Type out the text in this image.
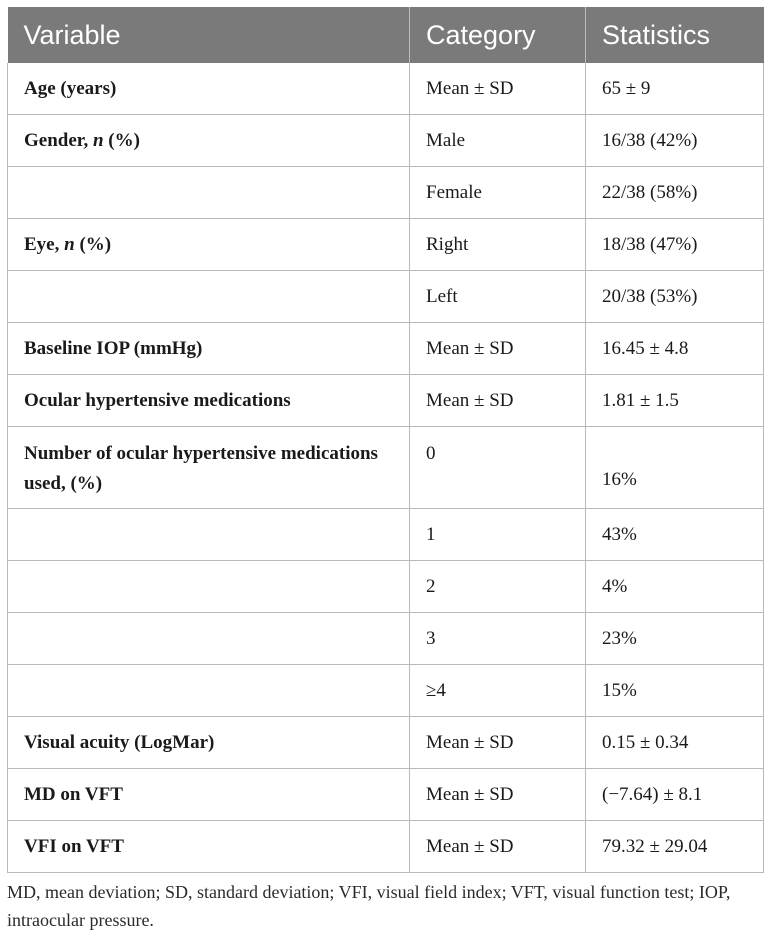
Variable	Category	Statistics
Age (years)	Mean ± SD	65 ± 9
Gender, n (%)	Male	16/38 (42%)
	Female	22/38 (58%)
Eye, n (%)	Right	18/38 (47%)
	Left	20/38 (53%)
Baseline IOP (mmHg)	Mean ± SD	16.45 ± 4.8
Ocular hypertensive medications	Mean ± SD	1.81 ± 1.5

Number of ocular hypertensive medications used, (%)	0	16%

	1	43%
	2	4%
	3	23%
	≥4	15%
Visual acuity (LogMar)	Mean ± SD	0.15 ± 0.34
MD on VFT	Mean ± SD	(−7.64) ± 8.1
VFI on VFT	Mean ± SD	79.32 ± 29.04
MD, mean deviation; SD, standard deviation; VFI, visual field index; VFT, visual function test; IOP, intraocular pressure.
